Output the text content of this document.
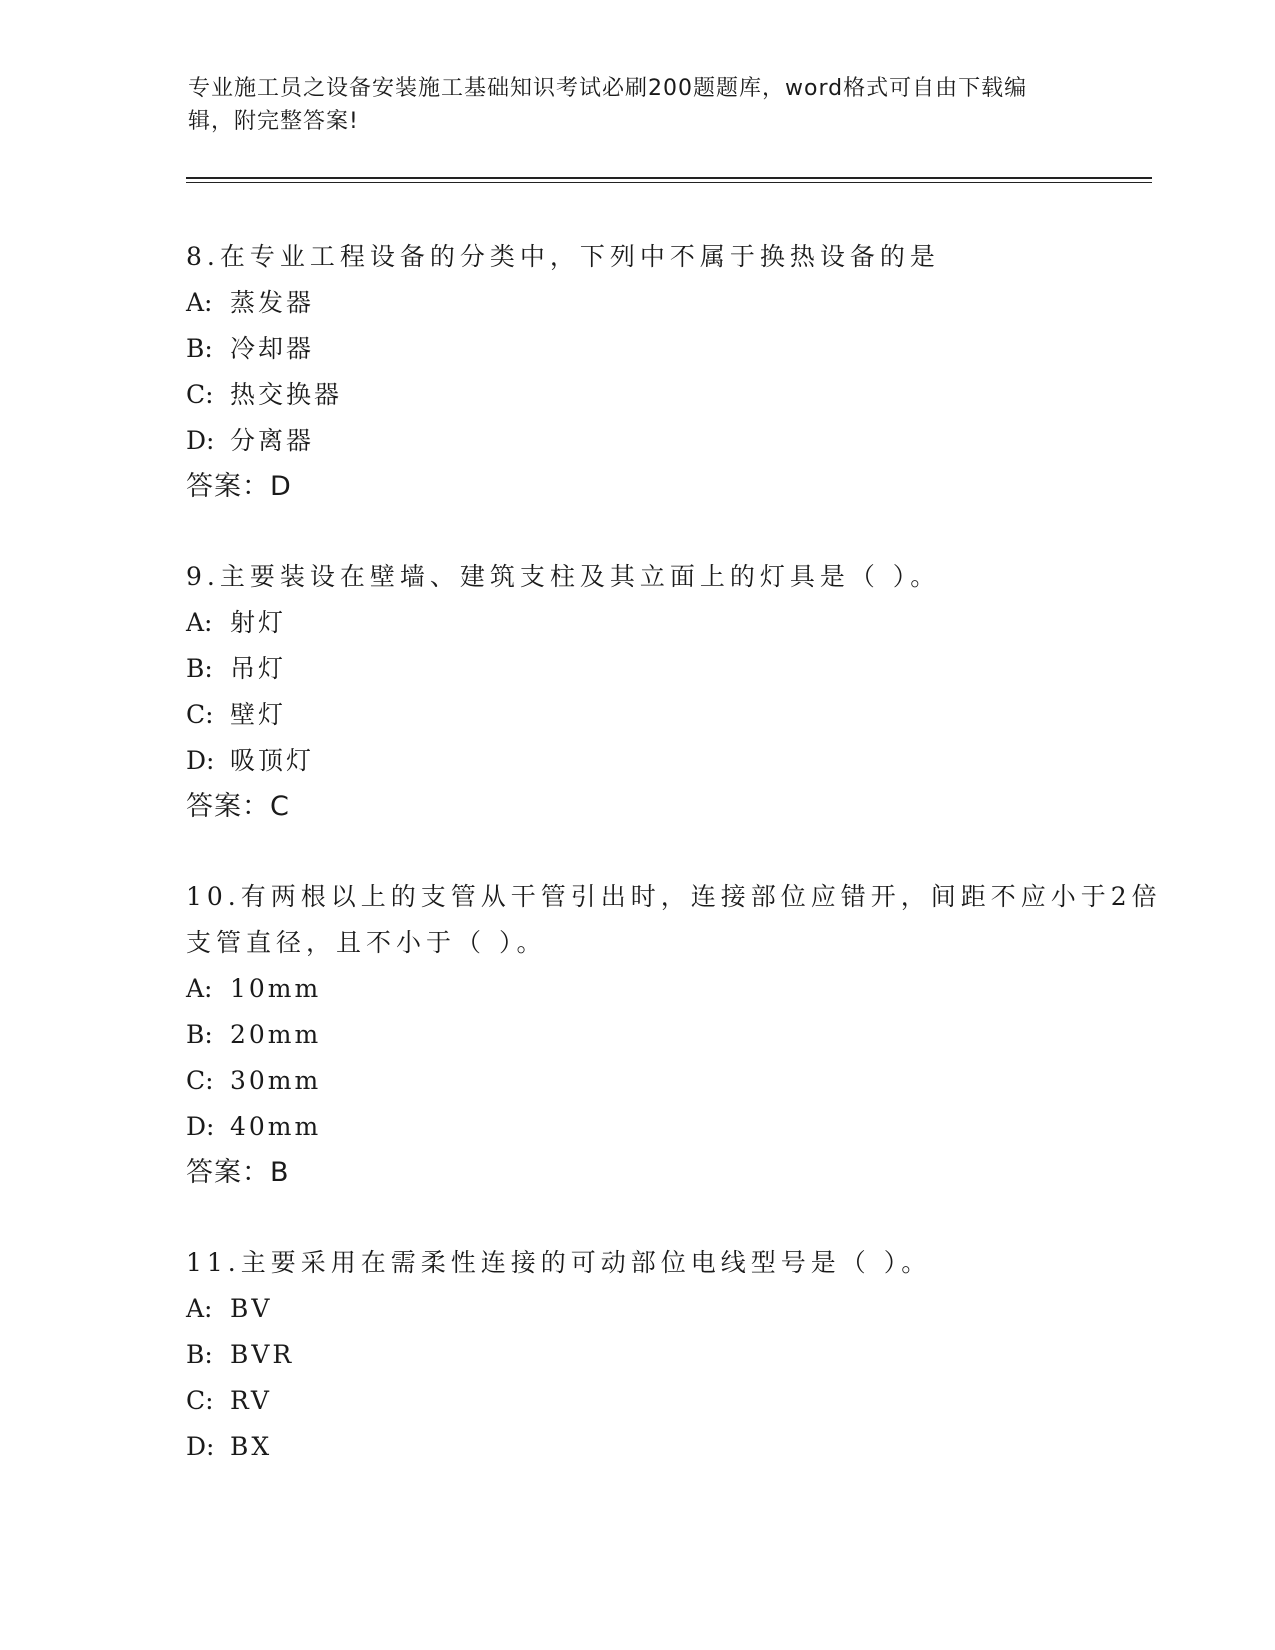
专业施工员之设备安装施工基础知识考试必刷200题题库，word格式可自由下载编辑，附完整答案!
8.在专业工程设备的分类中，下列中不属于换热设备的是
A: 蒸发器
B: 冷却器
C: 热交换器
D: 分离器
答案：D
9.主要装设在壁墙、建筑支柱及其立面上的灯具是（ ）。
A: 射灯
B: 吊灯
C: 壁灯
D: 吸顶灯
答案：C
10.有两根以上的支管从干管引出时，连接部位应错开，间距不应小于2倍支管直径，且不小于（ ）。
A: 10mm
B: 20mm
C: 30mm
D: 40mm
答案：B
11.主要采用在需柔性连接的可动部位电线型号是（ ）。
A: BV
B: BVR
C: RV
D: BX
